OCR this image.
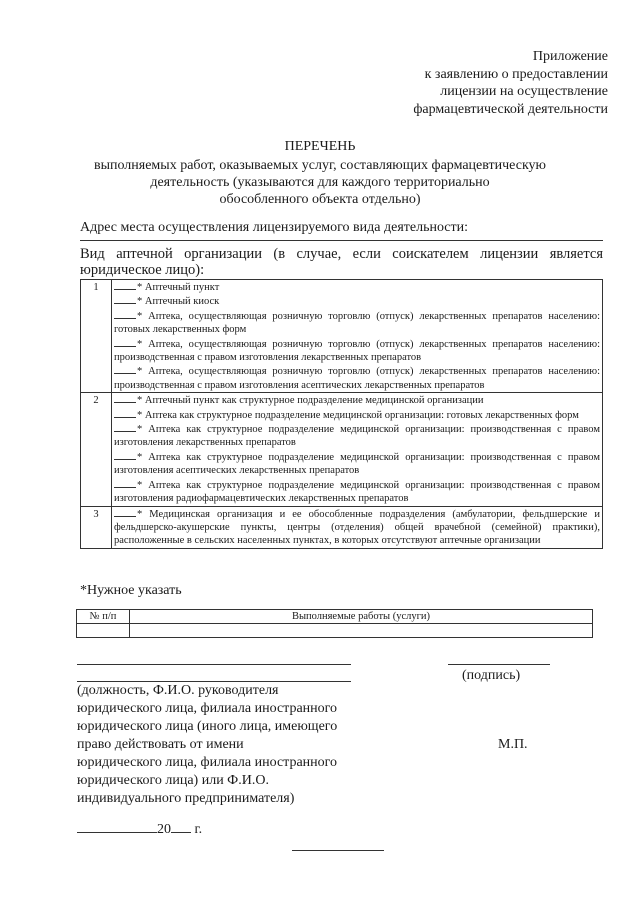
Приложение
к заявлению о предоставлении
лицензии на осуществление
фармацевтической деятельности
ПЕРЕЧЕНЬ
выполняемых работ, оказываемых услуг, составляющих фармацевтическую
деятельность (указываются для каждого территориально
обособленного объекта отдельно)
Адрес места осуществления лицензируемого вида деятельности:
Вид аптечной организации (в случае, если соискателем лицензии является юридическое лицо):
1	* Аптечный пункт
* Аптечный киоск
* Аптека, осуществляющая розничную торговлю (отпуск) лекарственных препаратов населению: готовых лекарственных форм
* Аптека, осуществляющая розничную торговлю (отпуск) лекарственных препаратов населению: производственная с правом изготовления лекарственных препаратов
* Аптека, осуществляющая розничную торговлю (отпуск) лекарственных препаратов населению: производственная с правом изготовления асептических лекарственных препаратов

2	* Аптечный пункт как структурное подразделение медицинской организации
* Аптека как структурное подразделение медицинской организации: готовых лекарственных форм
* Аптека как структурное подразделение медицинской организации: производственная с правом изготовления лекарственных препаратов
* Аптека как структурное подразделение медицинской организации: производственная с правом изготовления асептических лекарственных препаратов
* Аптека как структурное подразделение медицинской организации: производственная с правом изготовления радиофармацевтических лекарственных препаратов

3	* Медицинская организация и ее обособленные подразделения (амбулатории, фельдшерские и фельдшерско-акушерские пункты, центры (отделения) общей врачебной (семейной) практики), расположенные в сельских населенных пунктах, в которых отсутствуют аптечные организации
*Нужное указать
№ п/п	Выполняемые работы (услуги)

(подпись)
(должность, Ф.И.О. руководителя
юридического лица, филиала иностранного
юридического лица (иного лица, имеющего
право действовать от имени
юридического лица, филиала иностранного
юридического лица) или Ф.И.О.
индивидуального предпринимателя)
М.П.
20 г.
